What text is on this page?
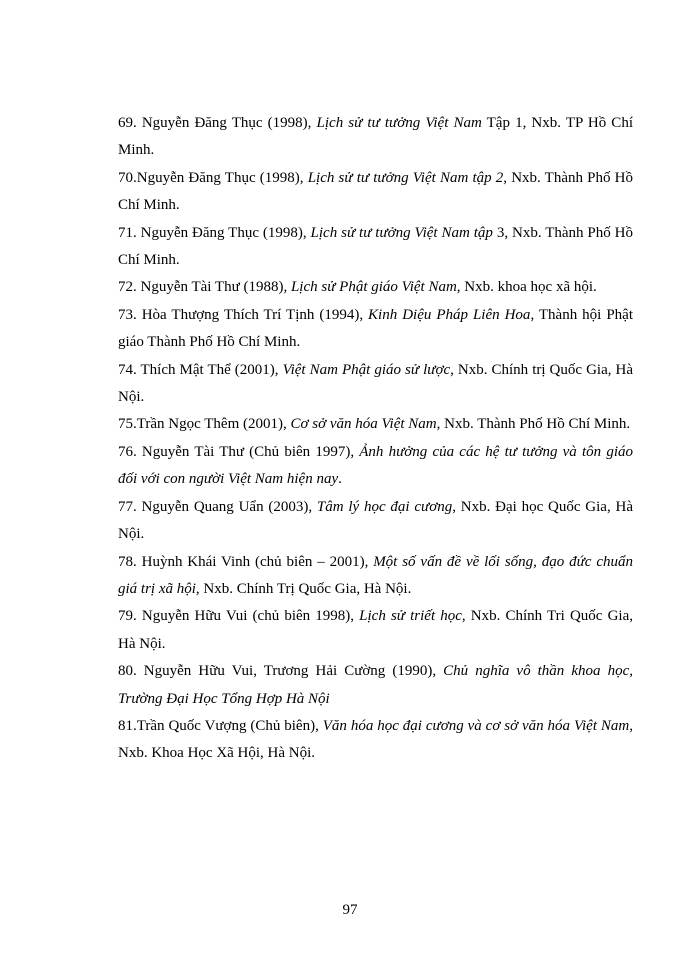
69. Nguyễn Đăng Thục (1998), Lịch sử tư tưởng Việt Nam Tập 1, Nxb. TP Hồ Chí Minh.

70.Nguyễn Đăng Thục (1998), Lịch sử tư tưởng Việt Nam tập 2, Nxb. Thành Phố Hồ Chí Minh.

71. Nguyễn Đăng Thục (1998), Lịch sử tư tưởng Việt Nam tập 3, Nxb. Thành Phố Hồ Chí Minh.

72. Nguyễn Tài Thư (1988), Lịch sử Phật giáo Việt Nam, Nxb. khoa học xã hội.

73. Hòa Thượng Thích Trí Tịnh (1994), Kinh Diệu Pháp Liên Hoa, Thành hội Phật giáo Thành Phố Hồ Chí Minh.

74. Thích Mật Thể (2001), Việt Nam Phật giáo sử lược, Nxb. Chính trị Quốc Gia, Hà Nội.

75.Trần Ngọc Thêm (2001), Cơ sở văn hóa Việt Nam, Nxb. Thành Phố Hồ Chí Minh.

76. Nguyễn Tài Thư (Chủ biên 1997), Ảnh hưởng của các hệ tư tưởng và tôn giáo đối với con người Việt Nam hiện nay.

77. Nguyễn Quang Uẩn (2003), Tâm lý học đại cương, Nxb. Đại học Quốc Gia, Hà Nội.

78. Huỳnh Khái Vinh (chủ biên – 2001), Một số vấn đề về lối sống, đạo đức chuẩn giá trị xã hội, Nxb. Chính Trị Quốc Gia, Hà Nội.

79. Nguyễn Hữu Vui (chủ biên 1998), Lịch sử triết học, Nxb. Chính Tri Quốc Gia, Hà Nội.

80. Nguyễn Hữu Vui, Trương Hải Cường (1990), Chủ nghĩa vô thần khoa học, Trường Đại Học Tổng Hợp Hà Nội

81.Trần Quốc Vượng (Chủ biên), Văn hóa học đại cương và cơ sở văn hóa Việt Nam, Nxb. Khoa Học Xã Hội, Hà Nội.

97
